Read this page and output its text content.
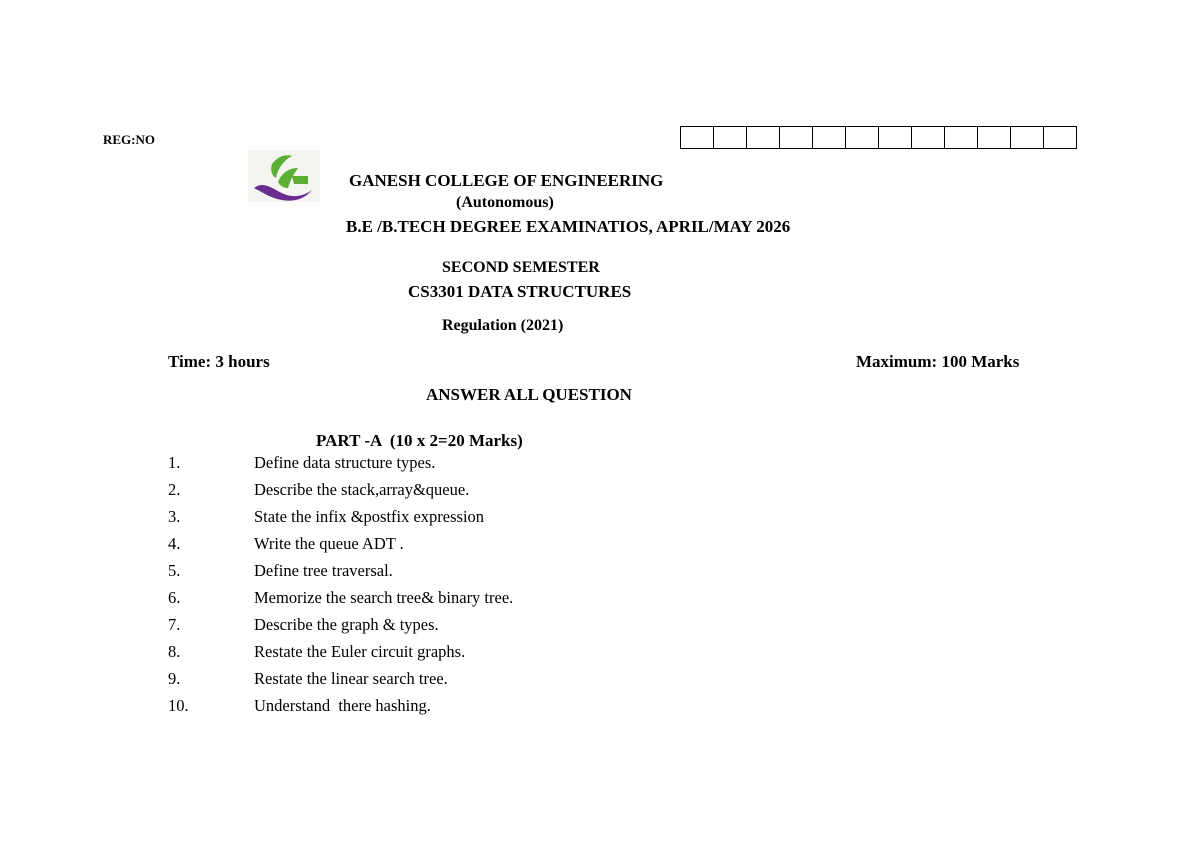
REG:NO
GANESH COLLEGE OF ENGINEERING
(Autonomous)
B.E /B.TECH DEGREE EXAMINATIOS, APRIL/MAY 2026
SECOND SEMESTER
CS3301 DATA STRUCTURES
Regulation (2021)
Time: 3 hours	Maximum: 100 Marks
ANSWER ALL QUESTION
PART -A  (10 x 2=20 Marks)
1.	Define data structure types.
2.	Describe the stack,array&queue.
3.	State the infix &postfix expression
4.	Write the queue ADT .
5.	Define tree traversal.
6.	Memorize the search tree& binary tree.
7.	Describe the graph & types.
8.	Restate the Euler circuit graphs.
9.	Restate the linear search tree.
10.	Understand  there hashing.
